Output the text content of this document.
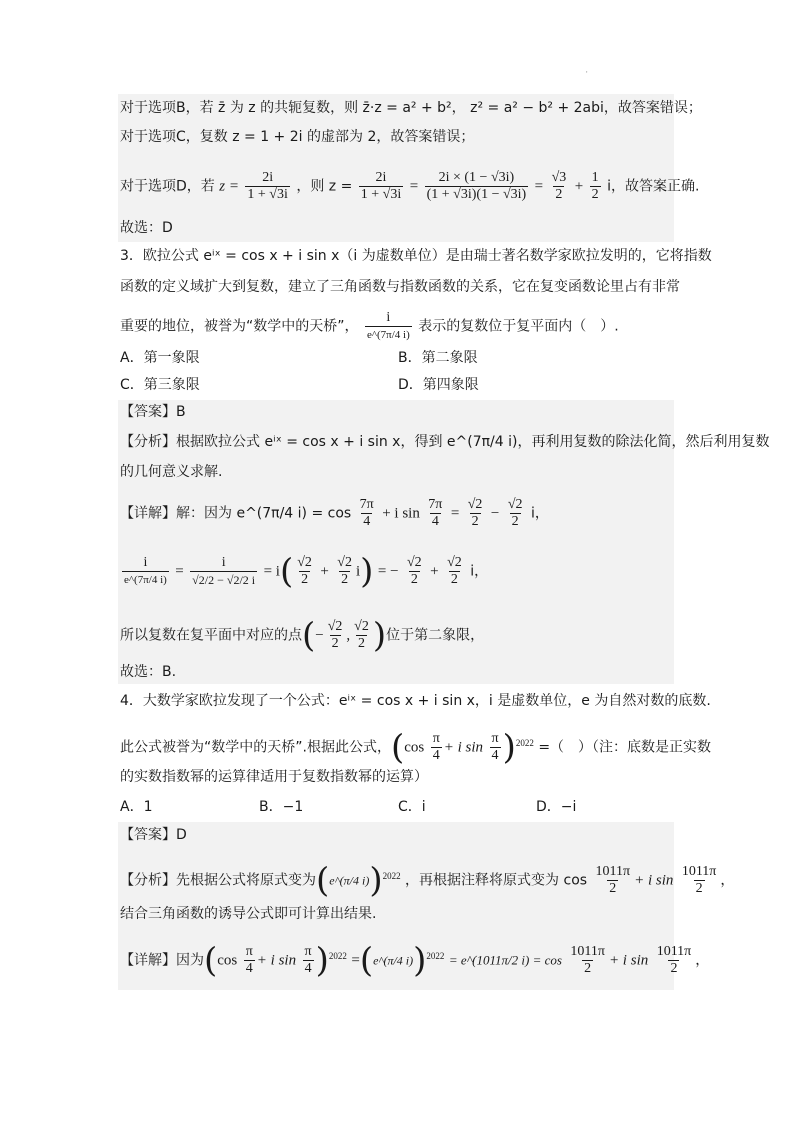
'
对于选项B，若 z̄ 为 z 的共轭复数，则 z̄·z = a² + b²， z² = a² − b² + 2abi，故答案错误；
对于选项C，复数 z = 1 + 2i 的虚部为 2，故答案错误；
对于选项D，若 $z = \frac{2i}{1 + √3i}$ ，则 $z = \frac{2i}{1 + √3i} = \frac{2i \times (1 - √3i)}{(1 + √3i)(1 - √3i)} = \frac{√3}{2} + \frac{1}{2}$ i，故答案正确.
故选：D
3．欧拉公式 eⁱˣ = cos x + i sin x（i 为虚数单位）是由瑞士著名数学家欧拉发明的，它将指数
函数的定义域扩大到复数，建立了三角函数与指数函数的关系，它在复变函数论里占有非常
重要的地位，被誉为“数学中的天桥”， $\frac{i}{e\^{}(7\pi/4 i)}$ 表示的复数位于复平面内（　）.
A．第一象限	B．第二象限
C．第三象限	D．第四象限
【答案】B
【分析】根据欧拉公式 eⁱˣ = cos x + i sin x，得到 e^(7π/4 i)，再利用复数的除法化简，然后利用复数
的几何意义求解.
【详解】解：因为 e^(7π/4 $i) = \cos \frac{7\pi}{4} + i$ $\sin \frac{7\pi}{4} = \frac{√2}{2} - \frac{√2}{2}$ i，
$\frac{i}{e\^{}(7\pi/4 i)} = \frac{i}{√2/2 - √2/2 i} = i( \frac{√2}{2} + \frac{√2}{2} i)$ = − $\frac{√2}{2} + \frac{√2}{2}$ i，
所以复数在复平面中对应的点(− $\frac{√2}{2}$ , $\frac{√2}{2}$ )位于第二象限，
故选：B.
4．大数学家欧拉发现了一个公式：eⁱˣ = cos x + i sin x，i 是虚数单位，e 为自然对数的底数.
此公式被誉为“数学中的天桥”.根据此公式，($\cos \frac{\pi}{4} + i$ $\sin \frac{\pi}{4} )^{2022}$ =（　）（注：底数是正实数
的实数指数幂的运算律适用于复数指数幂的运算）
A．1	B．−1	C．i	D．−i
【答案】D
【分析】先根据公式将原式变为(e^(π/4 i))$^{2022}$ ，再根据注释将原式变为 $\cos \frac{1011\pi}{2} + i$ $\sin \frac{1011\pi}{2}$ ，
结合三角函数的诱导公式即可计算出结果.
【详解】因为($\cos \frac{\pi}{4} + i$ $\sin \frac{\pi}{4} )^{2022}$ =(e^(π/4 i))$^{2022}$ = e^(1011π/2 $i) = \cos \frac{1011\pi}{2} + i$ $\sin \frac{1011\pi}{2}$ ，
